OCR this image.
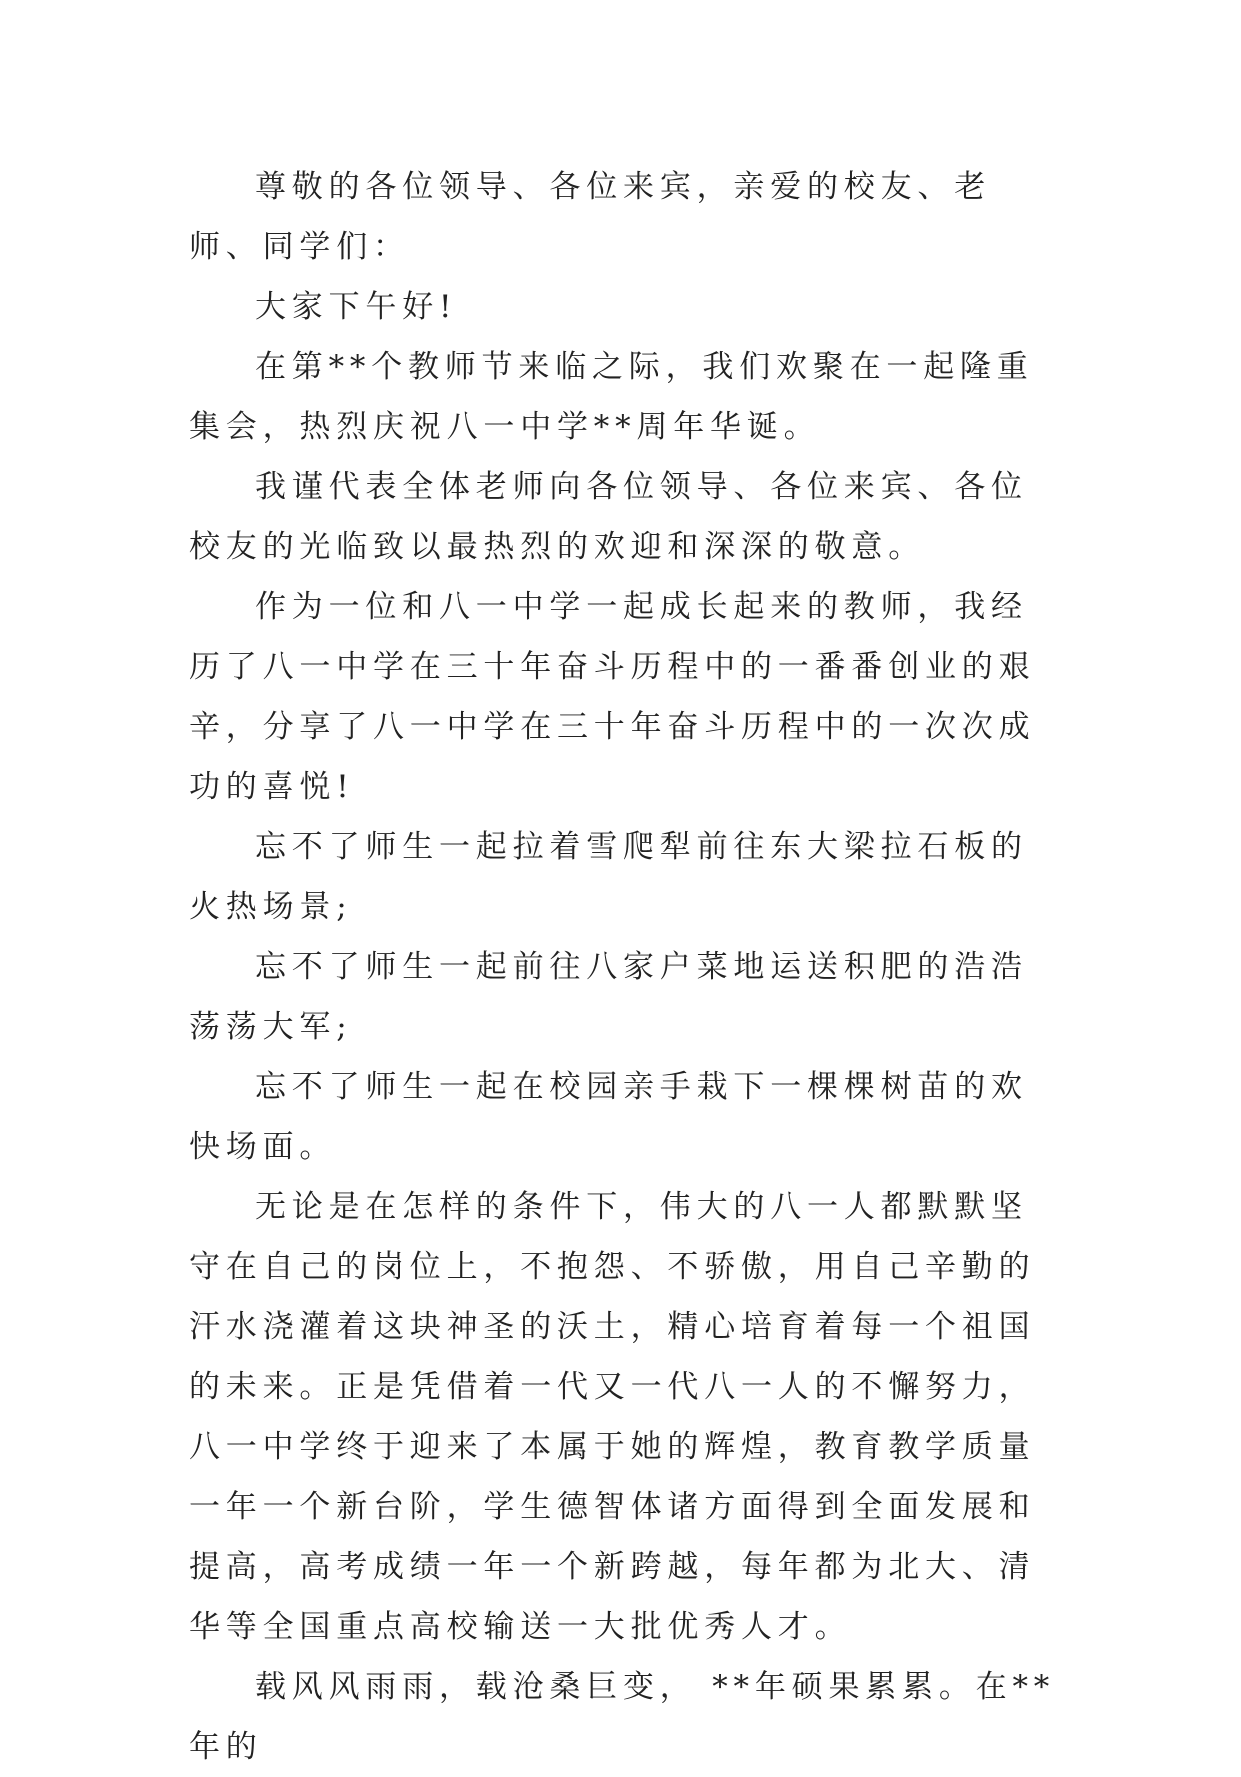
尊敬的各位领导、各位来宾，亲爱的校友、老师、同学们：

大家下午好!

在第**个教师节来临之际，我们欢聚在一起隆重集会，热烈庆祝八一中学**周年华诞。

我谨代表全体老师向各位领导、各位来宾、各位校友的光临致以最热烈的欢迎和深深的敬意。

作为一位和八一中学一起成长起来的教师，我经历了八一中学在三十年奋斗历程中的一番番创业的艰辛，分享了八一中学在三十年奋斗历程中的一次次成功的喜悦!

忘不了师生一起拉着雪爬犁前往东大梁拉石板的火热场景;

忘不了师生一起前往八家户菜地运送积肥的浩浩荡荡大军;

忘不了师生一起在校园亲手栽下一棵棵树苗的欢快场面。

无论是在怎样的条件下，伟大的八一人都默默坚守在自己的岗位上，不抱怨、不骄傲，用自己辛勤的汗水浇灌着这块神圣的沃土，精心培育着每一个祖国的未来。正是凭借着一代又一代八一人的不懈努力，八一中学终于迎来了本属于她的辉煌，教育教学质量一年一个新台阶，学生德智体诸方面得到全面发展和提高，高考成绩一年一个新跨越，每年都为北大、清华等全国重点高校输送一大批优秀人才。

载风风雨雨，载沧桑巨变， **年硕果累累。在**年的
